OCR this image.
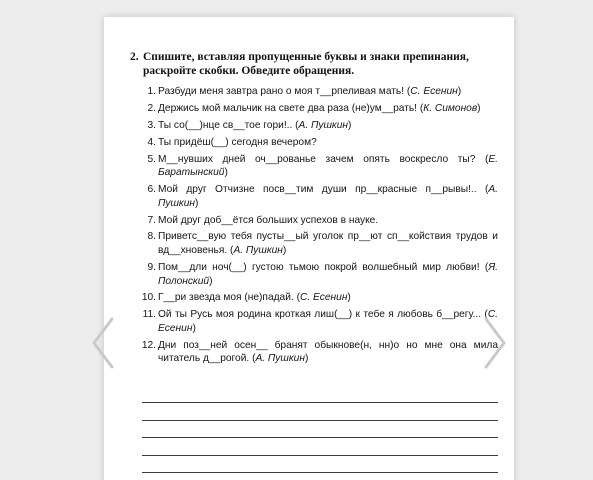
2. Спишите, вставляя пропущенные буквы и знаки препинания,
раскройте скобки. Обведите обращения.
1. Разбуди меня завтра рано о моя т__рпеливая мать! (С. Есенин)
2. Держись мой мальчик на свете два раза (не)ум__рать! (К. Симонов)
3. Ты со(__)нце св__тое гори!.. (А. Пушкин)
4. Ты придёш(__) сегодня вечером?
5. М__нувших дней оч__рованье зачем опять воскресло ты? (Е. Баратынский)
6. Мой друг Отчизне посв__тим души пр__красные п__рывы!.. (А. Пушкин)
7. Мой друг доб__ётся больших успехов в науке.
8. Приветс__вую тебя пусты__ый уголок пр__ют сп__койствия трудов и вд__хновенья. (А. Пушкин)
9. Пом__дли ноч(__) густою тьмою покрой волшебный мир любви! (Я. Полонский)
10. Г__ри звезда моя (не)падай. (С. Есенин)
11. Ой ты Русь моя родина кроткая лиш(__) к тебе я любовь б__регу... (С. Есенин)
12. Дни поз__ней осен__ бранят обыкнове(н, нн)о но мне она мила читатель д__рогой. (А. Пушкин)
